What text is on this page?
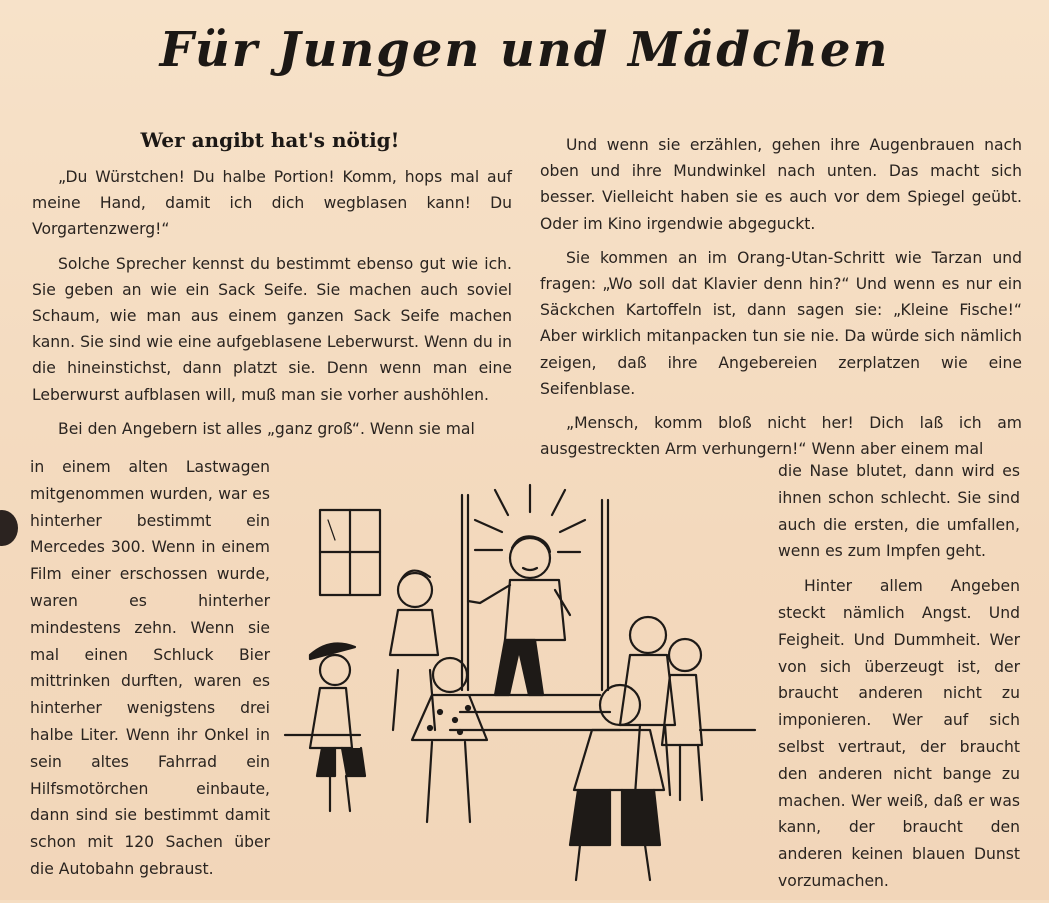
Für Jungen und Mädchen
Wer angibt hat's nötig!

„Du Würstchen! Du halbe Portion! Komm, hops mal auf meine Hand, damit ich dich wegblasen kann! Du Vorgartenzwerg!“

Solche Sprecher kennst du bestimmt ebenso gut wie ich. Sie geben an wie ein Sack Seife. Sie machen auch soviel Schaum, wie man aus einem ganzen Sack Seife machen kann. Sie sind wie eine aufgeblasene Leberwurst. Wenn du in die hineinstichst, dann platzt sie. Denn wenn man eine Leberwurst aufblasen will, muß man sie vorher aushöhlen.

Bei den Angebern ist alles „ganz groß“. Wenn sie mal

in einem alten Lastwagen mitgenommen wurden, war es hinterher bestimmt ein Mercedes 300. Wenn in einem Film einer erschossen wurde, waren es hinterher mindestens zehn. Wenn sie mal einen Schluck Bier mittrinken durften, waren es hinterher wenigstens drei halbe Liter. Wenn ihr Onkel in sein altes Fahrrad ein Hilfsmotörchen einbaute, dann sind sie bestimmt damit schon mit 120 Sachen über die Autobahn gebraust.

Und wenn sie erzählen, gehen ihre Augenbrauen nach oben und ihre Mundwinkel nach unten. Das macht sich besser. Vielleicht haben sie es auch vor dem Spiegel geübt. Oder im Kino irgendwie abgeguckt.

Sie kommen an im Orang-Utan-Schritt wie Tarzan und fragen: „Wo soll dat Klavier denn hin?“ Und wenn es nur ein Säckchen Kartoffeln ist, dann sagen sie: „Kleine Fische!“ Aber wirklich mitanpacken tun sie nie. Da würde sich nämlich zeigen, daß ihre Angebereien zerplatzen wie eine Seifenblase.

„Mensch, komm bloß nicht her! Dich laß ich am ausgestreckten Arm verhungern!“ Wenn aber einem mal

die Nase blutet, dann wird es ihnen schon schlecht. Sie sind auch die ersten, die umfallen, wenn es zum Impfen geht.

Hinter allem Angeben steckt nämlich Angst. Und Feigheit. Und Dummheit. Wer von sich überzeugt ist, der braucht anderen nicht zu imponieren. Wer auf sich selbst vertraut, der braucht den anderen nicht bange zu machen. Wer weiß, daß er was kann, der braucht den anderen keinen blauen Dunst vorzumachen.
